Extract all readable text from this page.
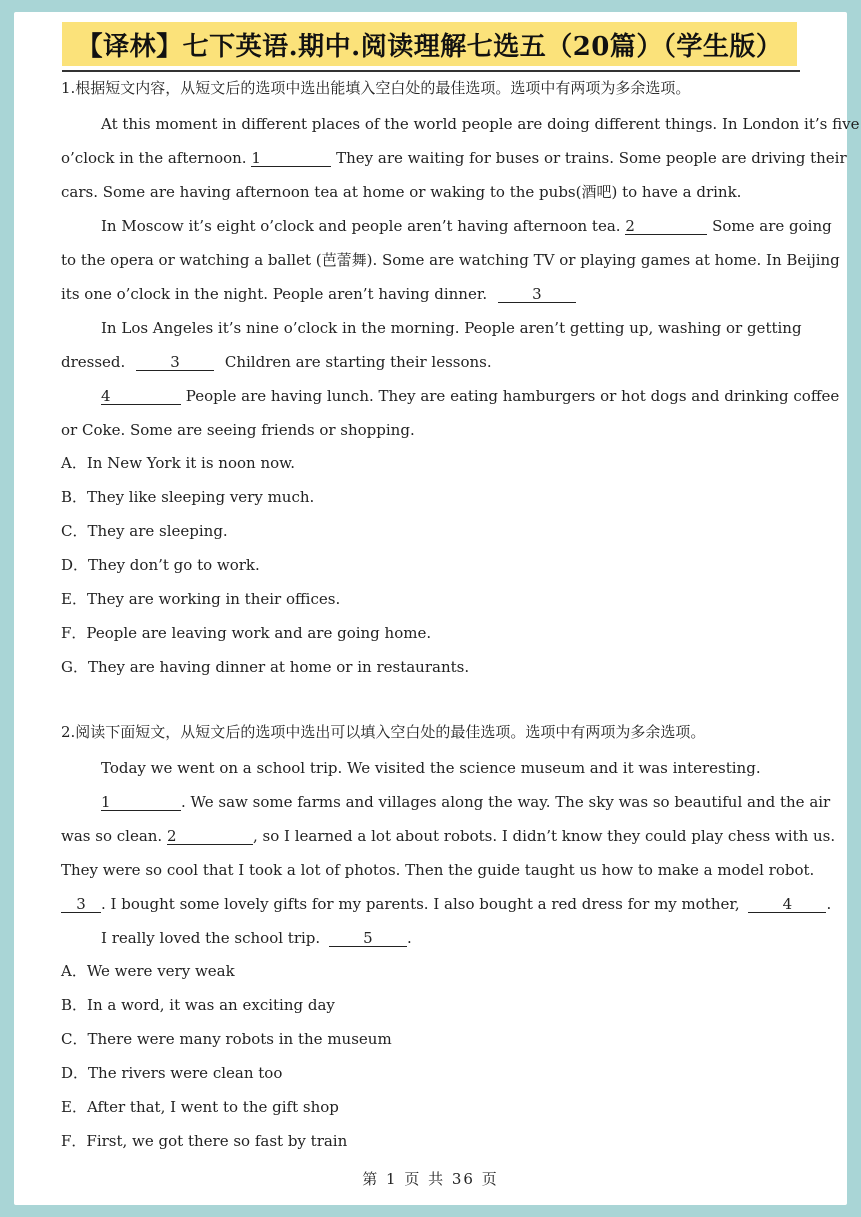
【译林】七下英语.期中.阅读理解七选五（20篇）（学生版）
1.根据短文内容，从短文后的选项中选出能填入空白处的最佳选项。选项中有两项为多余选项。
At this moment in different places of the world people are doing different things. In London it’s five
o’clock in the afternoon. 1	They are waiting for buses or trains. Some people are driving their
cars. Some are having afternoon tea at home or waking to the pubs(酒吧) to have a drink.
In Moscow it’s eight o’clock and people aren’t having afternoon tea. 2	Some are going
to the opera or watching a ballet (芭蕾舞). Some are watching TV or playing games at home. In Beijing
its one o’clock in the night. People aren’t having dinner.	3
In Los Angeles it’s nine o’clock in the morning. People aren’t getting up, washing or getting
dressed.	3	Children are starting their lessons.
4	People are having lunch. They are eating hamburgers or hot dogs and drinking coffee
or Coke. Some are seeing friends or shopping.
A．In New York it is noon now.
B．They like sleeping very much.
C．They are sleeping.
D．They don’t go to work.
E．They are working in their offices.
F．People are leaving work and are going home.
G．They are having dinner at home or in restaurants.
2.阅读下面短文，从短文后的选项中选出可以填入空白处的最佳选项。选项中有两项为多余选项。
Today we went on a school trip. We visited the science museum and it was interesting.
1	. We saw some farms and villages along the way. The sky was so beautiful and the air
was so clean. 2	, so I learned a lot about robots. I didn’t know they could play chess with us.
They were so cool that I took a lot of photos. Then the guide taught us how to make a model robot.
3 . I bought some lovely gifts for my parents. I also bought a red dress for my mother,	4 .
I really loved the school trip.	5 .
A．We were very weak
B．In a word, it was an exciting day
C．There were many robots in the museum
D．The rivers were clean too
E．After that, I went to the gift shop
F．First, we got there so fast by train
第 1 页 共 36 页
